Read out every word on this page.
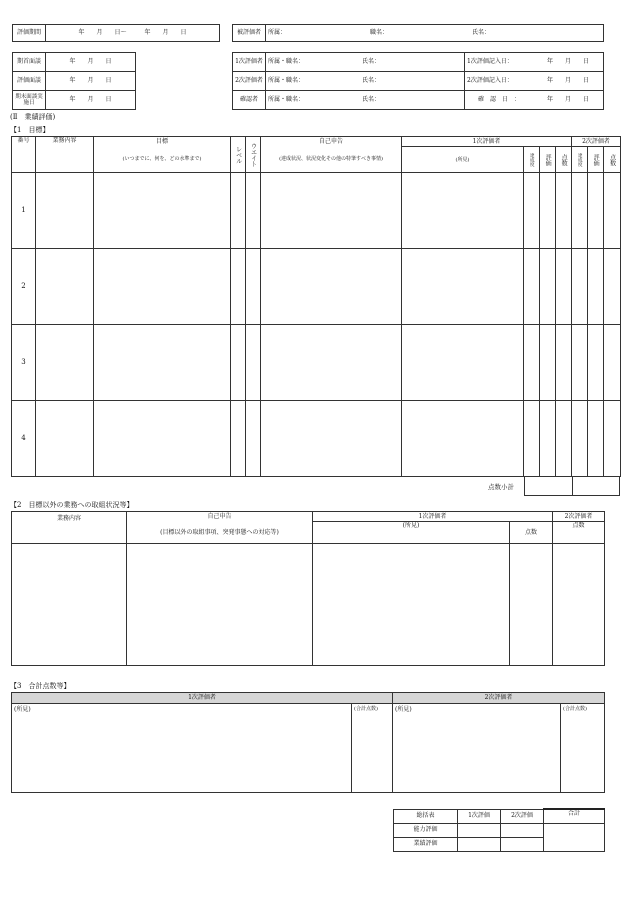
評価期間	年　　月　　日～　　　年　　月　　日	被評価者	所属：	職名：	氏名：
期首面談	年　　月　　日
評価面談	年　　月　　日
期末面談実施日	年　　月　　日
1次評価者	所属・職名：	氏名：	1次評価記入日：	年　　月　　日
2次評価者	所属・職名：	氏名：	2次評価記入日：	年　　月　　日
確認者	所属・職名：	氏名：	確　認　日　：	年　　月　　日
(Ⅱ　業績評価)
【1　目標】
番号	業務内容	目標	レベル	ウエイト	自己申告	1次評価者				2次評価者		
		(いつまでに、何を、どの水準まで)			(達成状況、状況変化その他の特筆すべき事情)	(所見)	達成度	評価	点数	達成度	評価	点数

1												
2												
3												
4												
点数小計

【2　目標以外の業務への取組状況等】
業務内容	自己申告	1次評価者		2次評価者
	(目標以外の取組事項、突発事態への対応等)	(所見)	点数	点数

【3　合計点数等】
1次評価者		2次評価者	
(所見)	(合計点数)	(所見)	(合計点数)
総括表	1次評価	2次評価	合計
能力評価			
業績評価			
